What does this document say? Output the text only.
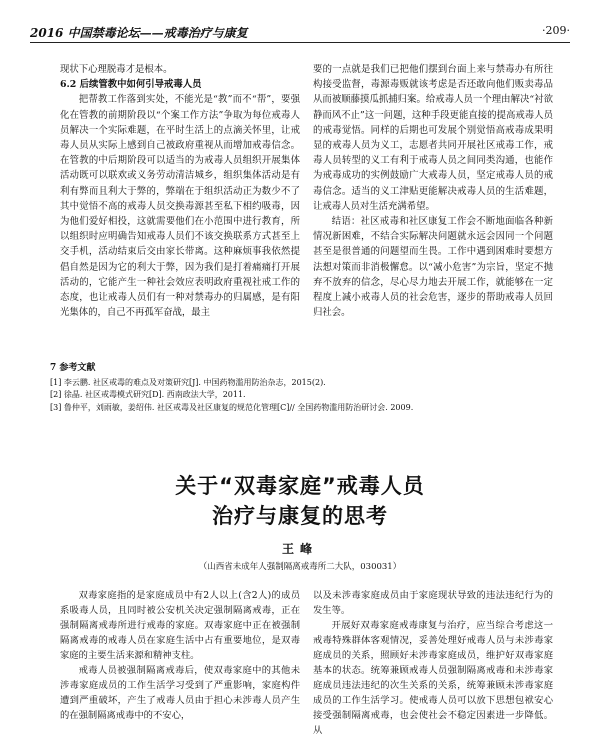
2016 中国禁毒论坛——戒毒治疗与康复	·209·

现状下心理脱毒才是根本。

6.2 后续管教中如何引导戒毒人员

把帮教工作落到实处，不能光是“教”而不“帮”，要强化在管教的前期阶段以“个案工作方法”争取为每位戒毒人员解决一个实际难题，在平时生活上的点滴关怀里，让戒毒人员从实际上感到自己被政府重视从而增加戒毒信念。在管教的中后期阶段可以适当的为戒毒人员组织开展集体活动既可以联欢或义务劳动清洁城乡，组织集体活动是有利有弊而且利大于弊的，弊端在于组织活动正为数少不了其中觉悟不高的戒毒人员交换毒源甚至私下相约吸毒，因为他们爱好相投，这就需要他们在小范围中进行教育，所以组织时应明确告知戒毒人员们不该交换联系方式甚至上交手机，活动结束后交由家长带离。这种麻烦事我依然提倡自然是因为它的利大于弊，因为我们是打着痛痛打开展活动的，它能产生一种社会效应表明政府重视社戒工作的态度，也让戒毒人员们有一种对禁毒办的归属感，是有阳光集体的，自己不再孤军奋战，最主

要的一点就是我们已把他们摆到台面上来与禁毒办有所往构接受监督，毒源毒贩就该考虑是否还敢向他们贩卖毒品从而被顺藤摸瓜抓捕归案。给戒毒人员一个理由解决“衬欲静而风不止”这一问题，这种手段更能直接的提高戒毒人员的戒毒觉悟。同样的后期也可发展个别觉悟高戒毒成果明显的戒毒人员为义工，志愿者共同开展社区戒毒工作，戒毒人员转型的义工有利于戒毒人员之间同类沟通，也能作为戒毒成功的实例鼓励广大戒毒人员，坚定戒毒人员的戒毒信念。适当的义工津贴更能解决戒毒人员的生活难题，让戒毒人员对生活充满希望。

结语：社区戒毒和社区康复工作会不断地面临各种新情况新困难，不结合实际解决问题就永远会因同一个问题甚至是很普通的问题望而生畏。工作中遇到困难时要想方法想对策而非消极懈怠。以“减小危害”为宗旨，坚定不抛弃不放弃的信念，尽心尽力地去开展工作，就能够在一定程度上减小戒毒人员的社会危害，逐步的帮助戒毒人员回归社会。

7 参考文献
[1] 李云鹏. 社区戒毒的难点及对策研究[J]. 中国药物滥用防治杂志，2015(2).
[2] 徐晶. 社区戒毒模式研究[D]. 西南政法大学，2011.
[3] 鲁仲平，刘雨敏，姜绍伟. 社区戒毒及社区康复的规范化管理[C]// 全国药物滥用防治研讨会. 2009.
关于“双毒家庭”戒毒人员
治疗与康复的思考
王峰
（山西省未成年人强制隔离戒毒所二大队，030031）

双毒家庭指的是家庭成员中有2人以上(含2人)的成员系吸毒人员，且同时被公安机关决定强制隔离戒毒，正在强制隔离戒毒所进行戒毒的家庭。双毒家庭中正在被强制隔离戒毒的戒毒人员在家庭生活中占有重要地位，是双毒家庭的主要生活来源和精神支柱。

戒毒人员被强制隔离戒毒后，使双毒家庭中的其他未涉毒家庭成员的工作生活学习受到了严重影响，家庭构件遭到严重破坏，产生了戒毒人员由于担心未涉毒人员产生的在强制隔离戒毒中的不安心，

以及未涉毒家庭成员由于家庭现状导致的违法违纪行为的发生等。

开展好双毒家庭戒毒康复与治疗，应当综合考虑这一戒毒特殊群体客观情况，妥善处理好戒毒人员与未涉毒家庭成员的关系，照顾好未涉毒家庭成员，维护好双毒家庭基本的状态。统筹兼顾戒毒人员强制隔离戒毒和未涉毒家庭成员违法违纪的次生关系的关系，统筹兼顾未涉毒家庭成员的工作生活学习。使戒毒人员可以放下思想包袱安心接受强制隔离戒毒，也会使社会不稳定因素进一步降低。从
